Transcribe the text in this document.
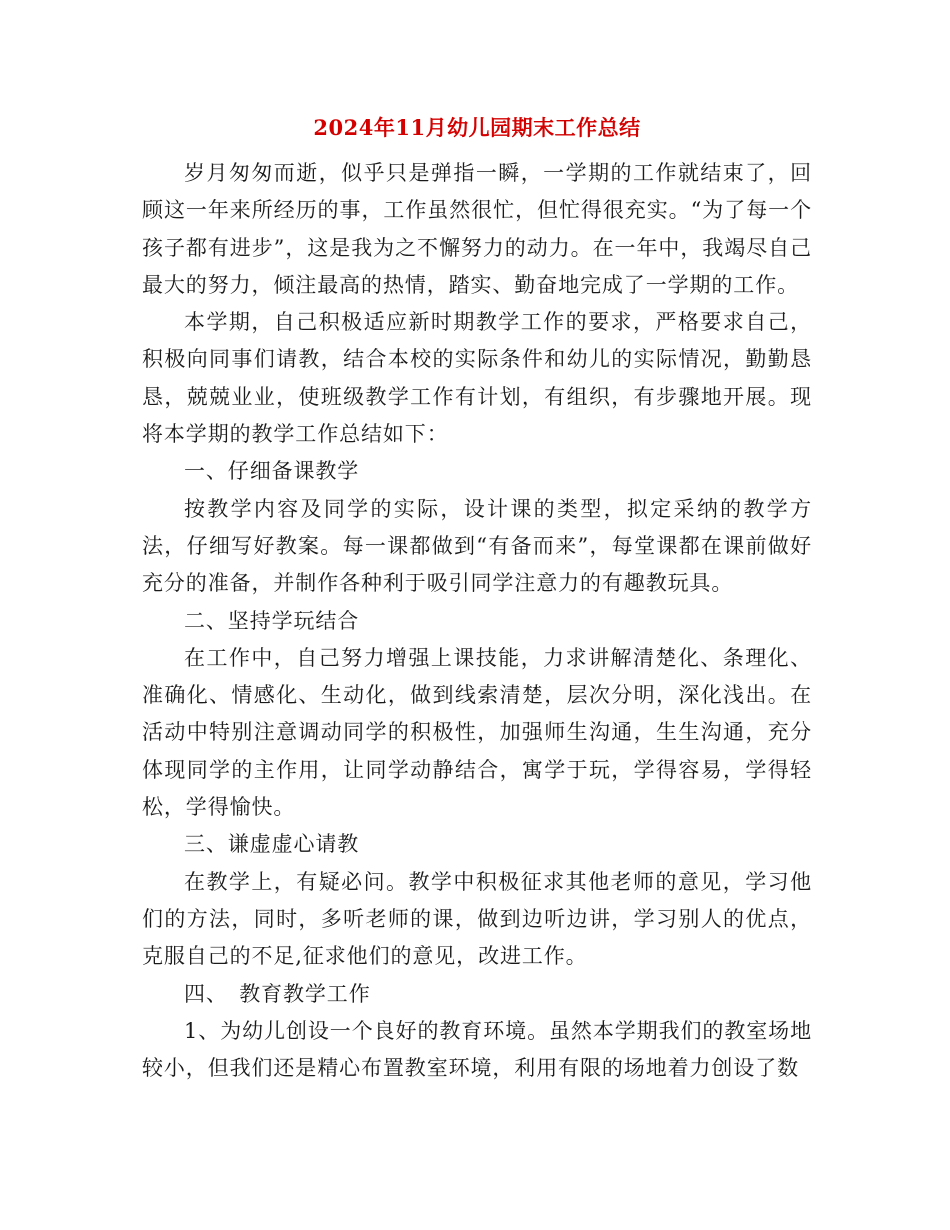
2024年11月幼儿园期末工作总结

岁月匆匆而逝，似乎只是弹指一瞬，一学期的工作就结束了，回顾这一年来所经历的事，工作虽然很忙，但忙得很充实。“为了每一个孩子都有进步”，这是我为之不懈努力的动力。在一年中，我竭尽自己最大的努力，倾注最高的热情，踏实、勤奋地完成了一学期的工作。

本学期，自己积极适应新时期教学工作的要求，严格要求自己，积极向同事们请教，结合本校的实际条件和幼儿的实际情况，勤勤恳恳，兢兢业业，使班级教学工作有计划，有组织，有步骤地开展。现将本学期的教学工作总结如下：

一、仔细备课教学

按教学内容及同学的实际，设计课的类型，拟定采纳的教学方法，仔细写好教案。每一课都做到“有备而来”，每堂课都在课前做好充分的准备，并制作各种利于吸引同学注意力的有趣教玩具。

二、坚持学玩结合

在工作中，自己努力增强上课技能，力求讲解清楚化、条理化、准确化、情感化、生动化，做到线索清楚，层次分明，深化浅出。在活动中特别注意调动同学的积极性，加强师生沟通，生生沟通，充分体现同学的主作用，让同学动静结合，寓学于玩，学得容易，学得轻松，学得愉快。

三、谦虚虚心请教

在教学上，有疑必问。教学中积极征求其他老师的意见，学习他们的方法，同时，多听老师的课，做到边听边讲，学习别人的优点，克服自己的不足,征求他们的意见，改进工作。

四、　教育教学工作

1、为幼儿创设一个良好的教育环境。虽然本学期我们的教室场地较小，但我们还是精心布置教室环境，利用有限的场地着力创设了数
